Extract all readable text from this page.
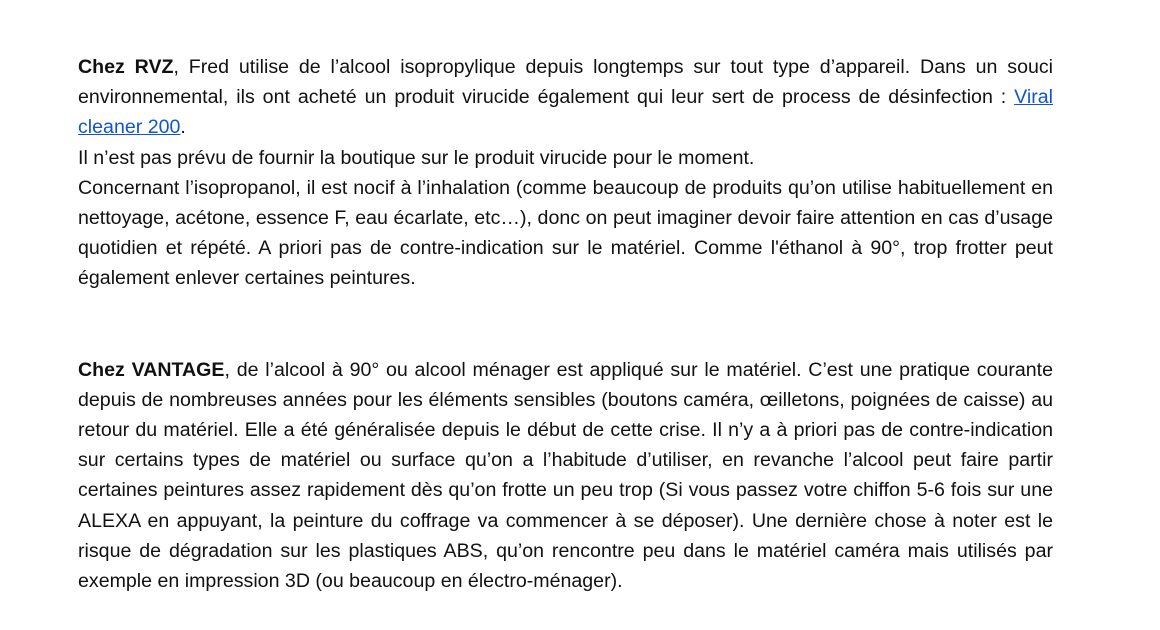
Chez RVZ, Fred utilise de l’alcool isopropylique depuis longtemps sur tout type d’appareil. Dans un souci environnemental, ils ont acheté un produit virucide également qui leur sert de process de désinfection : Viral cleaner 200.

Il n’est pas prévu de fournir la boutique sur le produit virucide pour le moment.

Concernant l’isopropanol, il est nocif à l’inhalation (comme beaucoup de produits qu’on utilise habituellement en nettoyage, acétone, essence F, eau écarlate, etc…), donc on peut imaginer devoir faire attention en cas d’usage quotidien et répété. A priori pas de contre-indication sur le matériel. Comme l'éthanol à 90°, trop frotter peut également enlever certaines peintures.

Chez VANTAGE, de l’alcool à 90° ou alcool ménager est appliqué sur le matériel. C’est une pratique courante depuis de nombreuses années pour les éléments sensibles (boutons caméra, œilletons, poignées de caisse) au retour du matériel. Elle a été généralisée depuis le début de cette crise. Il n’y a à priori pas de contre-indication sur certains types de matériel ou surface qu’on a l’habitude d’utiliser, en revanche l’alcool peut faire partir certaines peintures assez rapidement dès qu’on frotte un peu trop (Si vous passez votre chiffon 5-6 fois sur une ALEXA en appuyant, la peinture du coffrage va commencer à se déposer). Une dernière chose à noter est le risque de dégradation sur les plastiques ABS, qu’on rencontre peu dans le matériel caméra mais utilisés par exemple en impression 3D (ou beaucoup en électro-ménager).
